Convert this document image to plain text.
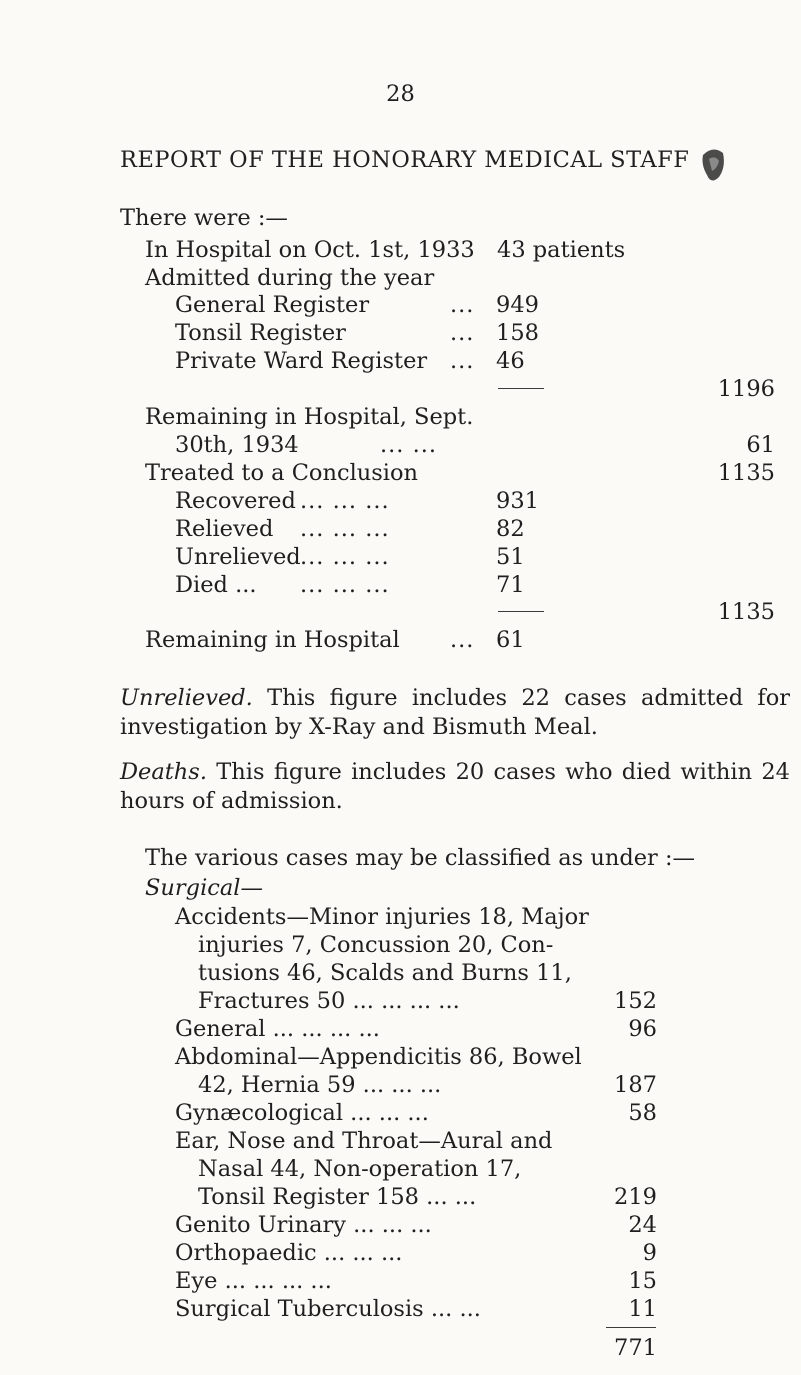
28
REPORT OF THE HONORARY MEDICAL STAFF
There were :—
In Hospital on Oct. 1st, 1933 43 patients
Admitted during the year
General Register	... 949
Tonsil Register	... 158
Private Ward Register ... 46
1196
Remaining in Hospital, Sept.
30th, 1934	... ...	61
Treated to a Conclusion	1135
Recovered ... ... ...	931
Relieved ... ... ...	82
Unrelieved ... ... ...	51
Died ... ... ... ...	71
1135
Remaining in Hospital ... 61
Unrelieved. This figure includes 22 cases admitted for investigation by X-Ray and Bismuth Meal.
Deaths. This figure includes 20 cases who died within 24 hours of admission.
The various cases may be classified as under :—
Surgical—
Accidents—Minor injuries 18, Major
injuries 7, Concussion 20, Con-
tusions 46, Scalds and Burns 11,
Fractures 50 ... ... ... ...	152
General ... ... ... ...	96
Abdominal—Appendicitis 86, Bowel
42, Hernia 59 ... ... ...	187
Gynæcological ... ... ...	58
Ear, Nose and Throat—Aural and
Nasal 44, Non-operation 17,
Tonsil Register 158 ... ...	219
Genito Urinary ... ... ...	24
Orthopaedic ... ... ...	9
Eye ... ... ... ...	15
Surgical Tuberculosis ... ...	11
771
